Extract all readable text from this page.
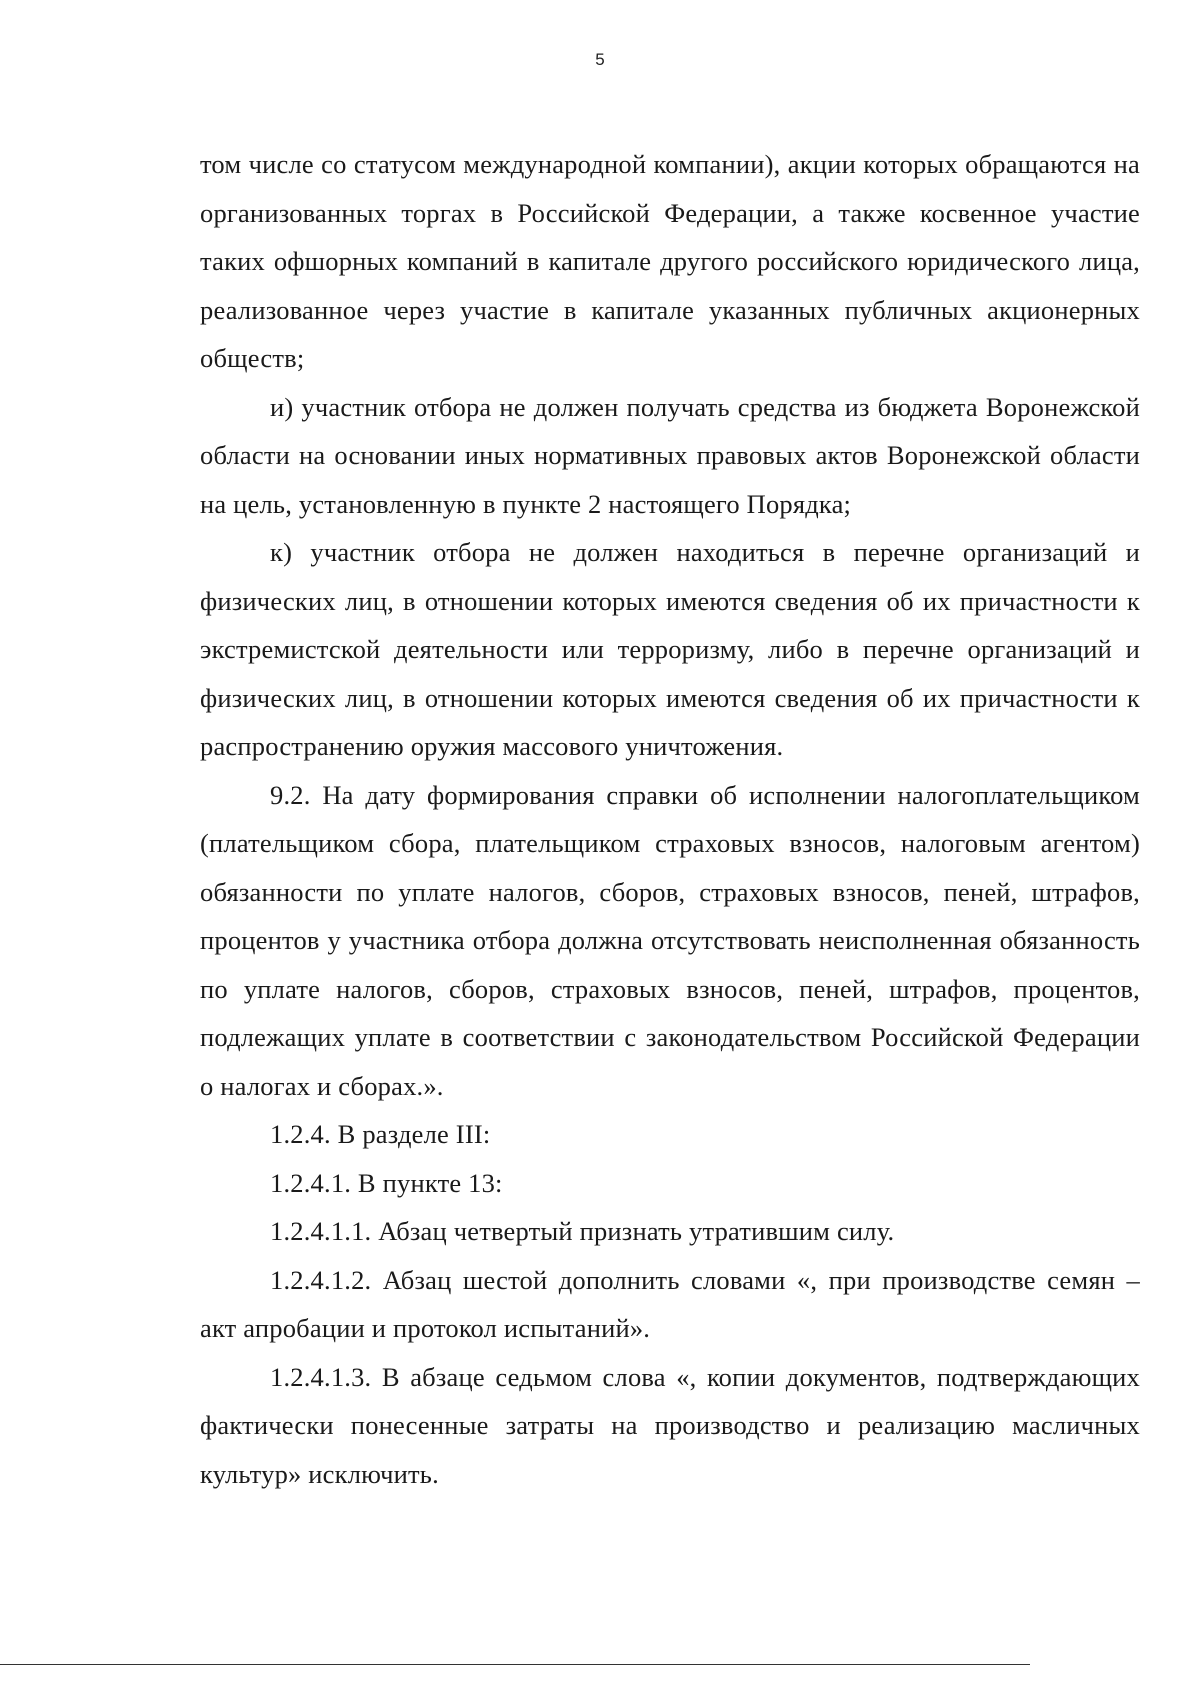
5

том числе со статусом международной компании), акции которых обращаются на организованных торгах в Российской Федерации, а также косвенное участие таких офшорных компаний в капитале другого российского юридического лица, реализованное через участие в капитале указанных публичных акционерных обществ;

и) участник отбора не должен получать средства из бюджета Воронежской области на основании иных нормативных правовых актов Воронежской области на цель, установленную в пункте 2 настоящего Порядка;

к) участник отбора не должен находиться в перечне организаций и физических лиц, в отношении которых имеются сведения об их причастности к экстремистской деятельности или терроризму, либо в перечне организаций и физических лиц, в отношении которых имеются сведения об их причастности к распространению оружия массового уничтожения.

9.2. На дату формирования справки об исполнении налогоплательщиком (плательщиком сбора, плательщиком страховых взносов, налоговым агентом) обязанности по уплате налогов, сборов, страховых взносов, пеней, штрафов, процентов у участника отбора должна отсутствовать неисполненная обязанность по уплате налогов, сборов, страховых взносов, пеней, штрафов, процентов, подлежащих уплате в соответствии с законодательством Российской Федерации о налогах и сборах.».

1.2.4. В разделе III:

1.2.4.1. В пункте 13:

1.2.4.1.1. Абзац четвертый признать утратившим силу.

1.2.4.1.2. Абзац шестой дополнить словами «, при производстве семян – акт апробации и протокол испытаний».

1.2.4.1.3. В абзаце седьмом слова «, копии документов, подтверждающих фактически понесенные затраты на производство и реализацию масличных культур» исключить.
